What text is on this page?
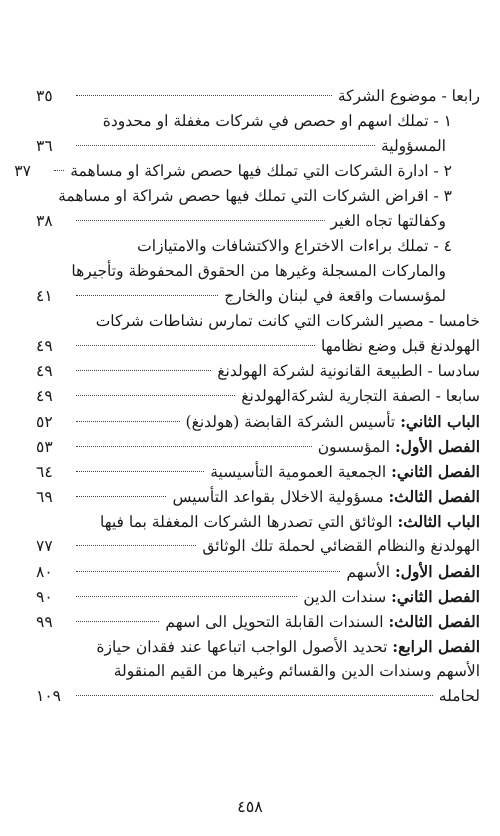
رابعا - موضوع الشركة
٣٥
١ - تملك اسهم او حصص في شركات مغفلة او محدودة
المسؤولية
٣٦
٢ - ادارة الشركات التي تملك فيها حصص شراكة او مساهمة
٣٧
٣ - اقراض الشركات التي تملك فيها حصص شراكة او مساهمة
وكفالتها تجاه الغير
٣٨
٤ - تملك براءات الاختراع والاكتشافات والامتيازات
والماركات المسجلة وغيرها من الحقوق المحفوظة وتأجيرها
لمؤسسات واقعة في لبنان والخارج
٤١
خامسا - مصير الشركات التي كانت تمارس نشاطات شركات
الهولدنغ قبل وضع نظامها
٤٩
سادسا - الطبيعة القانونية لشركة الهولدنغ
٤٩
سابعا - الصفة التجارية لشركةالهولدنغ
٤٩
الباب الثاني: تأسيس الشركة القابضة (هولدنغ)
٥٢
الفصل الأول: المؤسسون
٥٣
الفصل الثاني: الجمعية العمومية التأسيسية
٦٤
الفصل الثالث: مسؤولية الاخلال بقواعد التأسيس
٦٩
الباب الثالث: الوثائق التي تصدرها الشركات المغفلة بما فيها
الهولدنغ والنظام القضائي لحملة تلك الوثائق
٧٧
الفصل الأول: الأسهم
٨٠
الفصل الثاني: سندات الدين
٩٠
الفصل الثالث: السندات القابلة التحويل الى اسهم
٩٩
الفصل الرابع: تحديد الأصول الواجب اتباعها عند فقدان حيازة
الأسهم وسندات الدين والقسائم وغيرها من القيم المنقولة
لحامله
١٠٩
٤٥٨
